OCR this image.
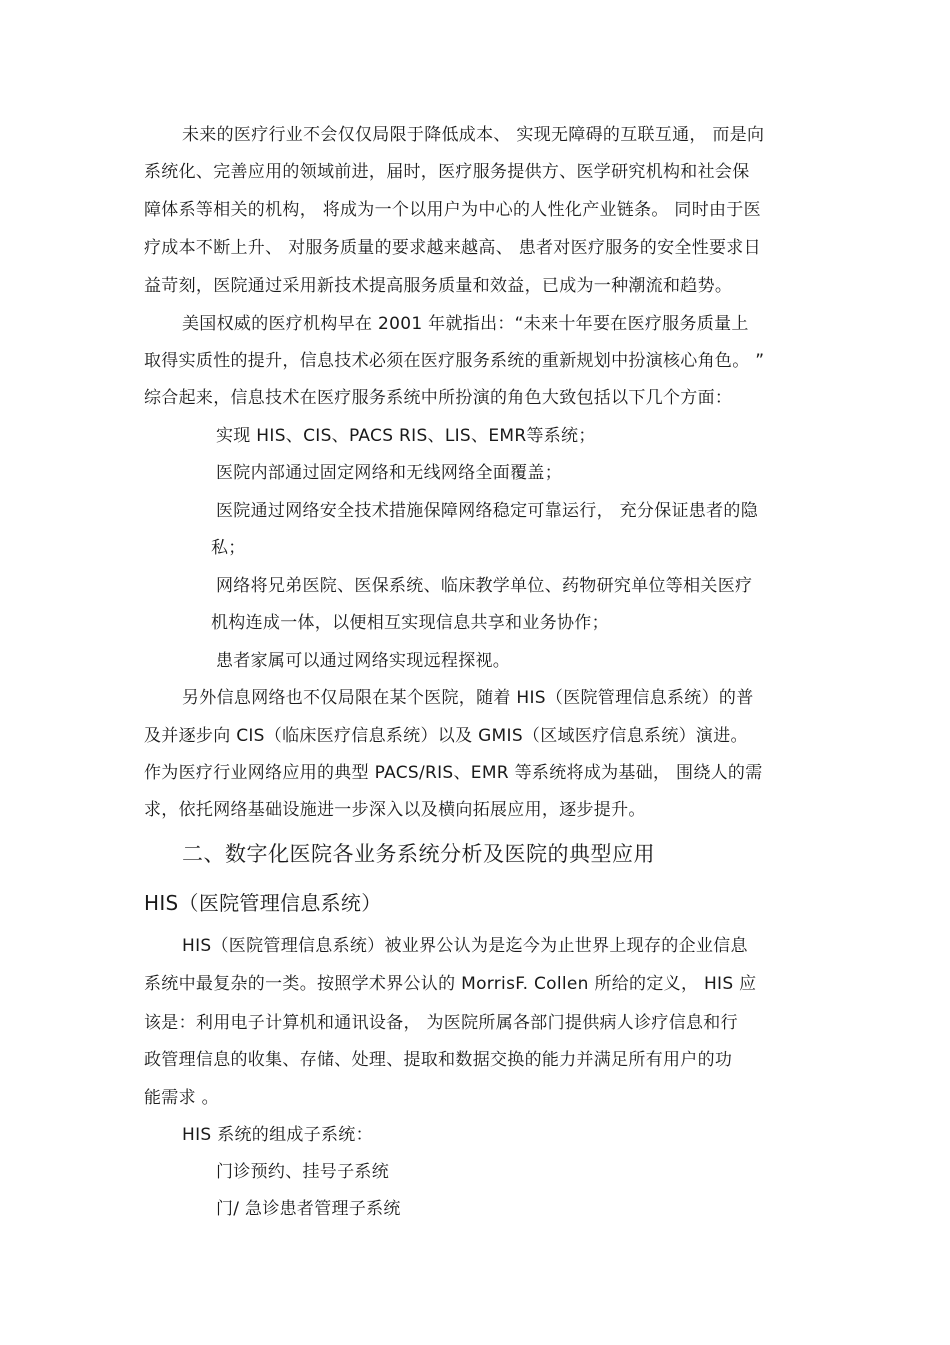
未来的医疗行业不会仅仅局限于降低成本、 实现无障碍的互联互通， 而是向
系统化、完善应用的领域前进，届时，医疗服务提供方、医学研究机构和社会保
障体系等相关的机构， 将成为一个以用户为中心的人性化产业链条。 同时由于医
疗成本不断上升、 对服务质量的要求越来越高、 患者对医疗服务的安全性要求日
益苛刻，医院通过采用新技术提高服务质量和效益，已成为一种潮流和趋势。
美国权威的医疗机构早在 2001 年就指出：“未来十年要在医疗服务质量上
取得实质性的提升，信息技术必须在医疗服务系统的重新规划中扮演核心角色。 ”
综合起来，信息技术在医疗服务系统中所扮演的角色大致包括以下几个方面：
实现 HIS、CIS、PACS RIS、LIS、EMR等系统；
医院内部通过固定网络和无线网络全面覆盖；
医院通过网络安全技术措施保障网络稳定可靠运行， 充分保证患者的隐
私；
网络将兄弟医院、医保系统、临床教学单位、药物研究单位等相关医疗
机构连成一体，以便相互实现信息共享和业务协作；
患者家属可以通过网络实现远程探视。
另外信息网络也不仅局限在某个医院，随着 HIS（医院管理信息系统）的普
及并逐步向 CIS（临床医疗信息系统）以及 GMIS（区域医疗信息系统）演进。
作为医疗行业网络应用的典型 PACS/RIS、EMR 等系统将成为基础， 围绕人的需
求，依托网络基础设施进一步深入以及横向拓展应用，逐步提升。
二、数字化医院各业务系统分析及医院的典型应用
HIS（医院管理信息系统）
HIS（医院管理信息系统）被业界公认为是迄今为止世界上现存的企业信息
系统中最复杂的一类。按照学术界公认的 MorrisF. Collen 所给的定义， HIS 应
该是：利用电子计算机和通讯设备， 为医院所属各部门提供病人诊疗信息和行
政管理信息的收集、存储、处理、提取和数据交换的能力并满足所有用户的功
能需求 。
HIS 系统的组成子系统：
门诊预约、挂号子系统
门/ 急诊患者管理子系统
